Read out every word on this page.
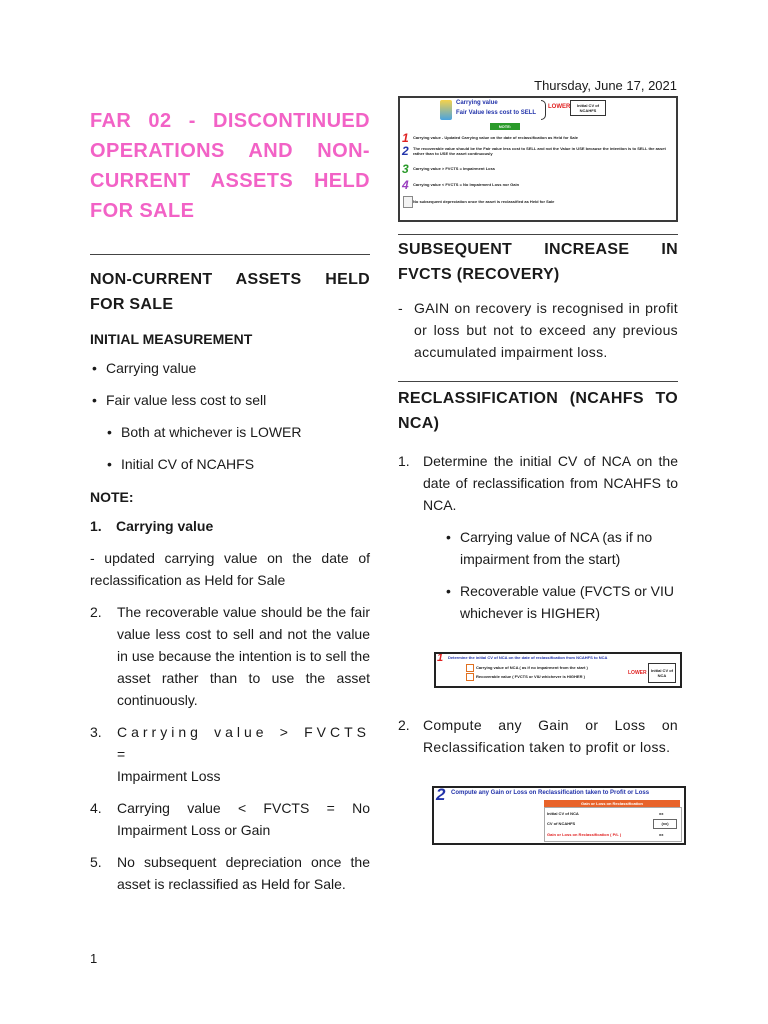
Thursday, June 17, 2021
FAR 02 - DISCONTINUED OPERATIONS AND NON-CURRENT ASSETS HELD FOR SALE
NON-CURRENT ASSETS HELD FOR SALE
INITIAL MEASUREMENT
• Carrying value
• Fair value less cost to sell
• Both at whichever is LOWER
• Initial CV of NCAHFS
NOTE:
1. Carrying value

- updated carrying value on the date of reclassification as Held for Sale

2. The recoverable value should be the fair value less cost to sell and not the value in use because the intention is to sell the asset rather than to use the asset continuously.
3. Carrying value > FVCTS =
Impairment Loss
4. Carrying value < FVCTS = No Impairment Loss or Gain
5. No subsequent depreciation once the asset is reclassified as Held for Sale.
Carrying value
Fair Value less cost to SELL
LOWER	Initial CV of NCAHFS
NOTE:
1 Carrying value - Updated Carrying value on the date of reclassification as Held for Sale
2 The recoverable value should be the Fair value less cost to SELL and not the Value in USE because the intention is to SELL the asset rather than to USE the asset continuously
3 Carrying value > FVCTS = Impairment Loss
4 Carrying value < FVCTS = No Impairment Loss nor Gain
No subsequent depreciation once the asset is reclassified as Held for Sale
SUBSEQUENT INCREASE IN FVCTS (RECOVERY)
- GAIN on recovery is recognised in profit or loss but not to exceed any previous accumulated impairment loss.
RECLASSIFICATION (NCAHFS TO NCA)
1. Determine the initial CV of NCA on the date of reclassification from NCAHFS to NCA.
• Carrying value of NCA (as if no impairment from the start)
• Recoverable value (FVCTS or VIU whichever is HIGHER)
1 Determine the initial CV of NCA on the date of reclassification from NCAHFS to NCA
Carrying value of NCA ( as if no impairment from the start )
Recoverable value ( FVCTS or VIU whichever is HIGHER )
LOWER	Initial CV of NCA
2. Compute any Gain or Loss on Reclassification taken to profit or loss.
2 Compute any Gain or Loss on Reclassification taken to Profit or Loss
Gain or Loss on Reclassification
Initial CV of NCA	xx
CV of NCAHFS	(xx)
Gain or Loss on Reclassification ( P/L )	xx
1
